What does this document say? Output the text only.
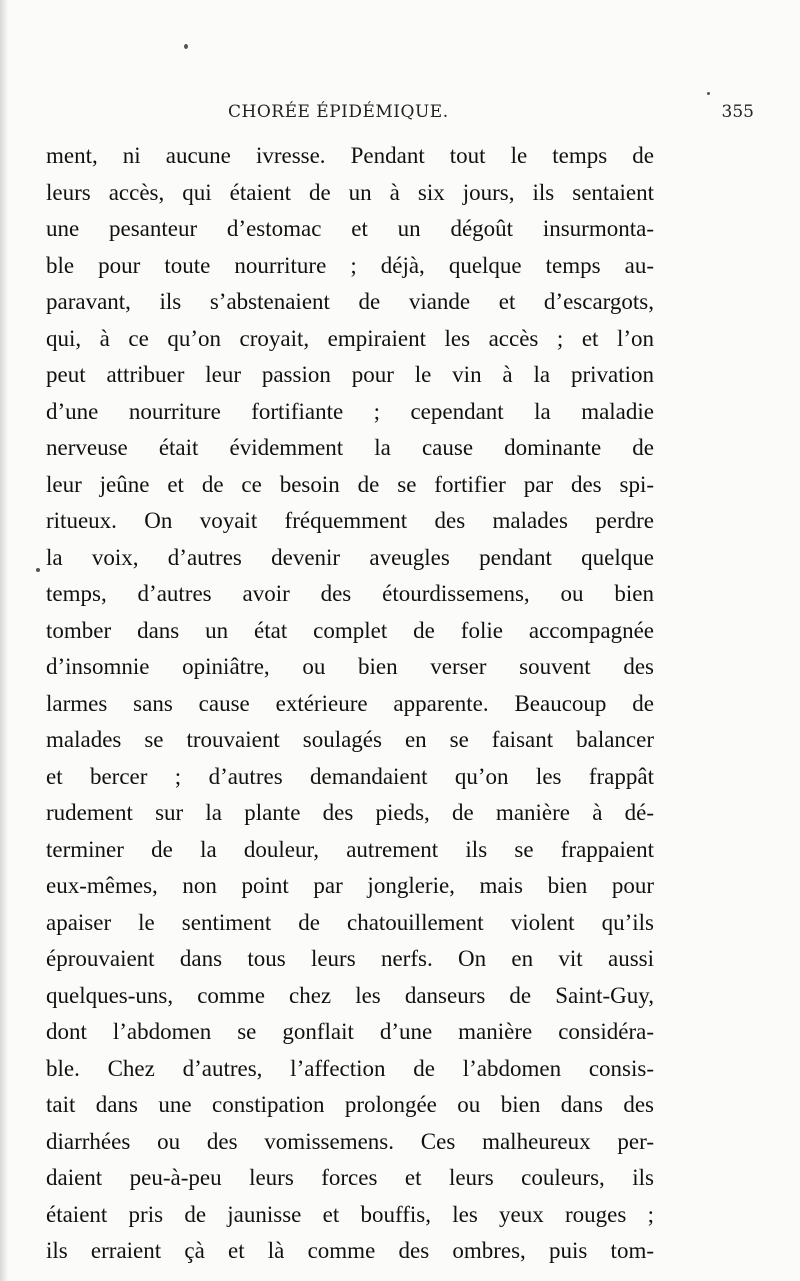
CHORÉE ÉPIDÉMIQUE.	355
ment, ni aucune ivresse. Pendant tout le temps de
leurs accès, qui étaient de un à six jours, ils sentaient
une pesanteur d’estomac et un dégoût insurmonta-
ble pour toute nourriture ; déjà, quelque temps au-
paravant, ils s’abstenaient de viande et d’escargots,
qui, à ce qu’on croyait, empiraient les accès ; et l’on
peut attribuer leur passion pour le vin à la privation
d’une nourriture fortifiante ; cependant la maladie
nerveuse était évidemment la cause dominante de
leur jeûne et de ce besoin de se fortifier par des spi-
ritueux. On voyait fréquemment des malades perdre
la voix, d’autres devenir aveugles pendant quelque
temps, d’autres avoir des étourdissemens, ou bien
tomber dans un état complet de folie accompagnée
d’insomnie opiniâtre, ou bien verser souvent des
larmes sans cause extérieure apparente. Beaucoup de
malades se trouvaient soulagés en se faisant balancer
et bercer ; d’autres demandaient qu’on les frappât
rudement sur la plante des pieds, de manière à dé-
terminer de la douleur, autrement ils se frappaient
eux-mêmes, non point par jonglerie, mais bien pour
apaiser le sentiment de chatouillement violent qu’ils
éprouvaient dans tous leurs nerfs. On en vit aussi
quelques-uns, comme chez les danseurs de Saint-Guy,
dont l’abdomen se gonflait d’une manière considéra-
ble. Chez d’autres, l’affection de l’abdomen consis-
tait dans une constipation prolongée ou bien dans des
diarrhées ou des vomissemens. Ces malheureux per-
daient peu-à-peu leurs forces et leurs couleurs, ils
étaient pris de jaunisse et bouffis, les yeux rouges ;
ils erraient çà et là comme des ombres, puis tom-
